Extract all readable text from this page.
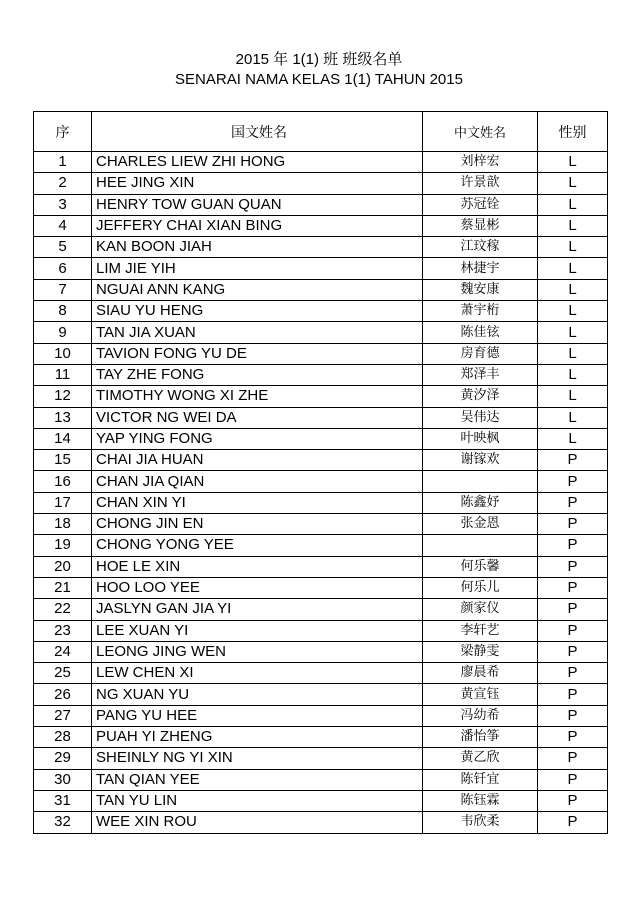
2015 年 1(1) 班 班级名单
SENARAI NAMA KELAS 1(1) TAHUN 2015
序	国文姓名	中文姓名	性别
1	CHARLES LIEW ZHI HONG	刘梓宏	L
2	HEE JING XIN	许景歆	L
3	HENRY TOW GUAN QUAN	苏冠铨	L
4	JEFFERY CHAI XIAN BING	蔡显彬	L
5	KAN BOON JIAH	江玟稼	L
6	LIM JIE YIH	林捷宇	L
7	NGUAI ANN KANG	魏安康	L
8	SIAU YU HENG	萧宇桁	L
9	TAN JIA XUAN	陈佳铉	L
10	TAVION FONG YU DE	房育德	L
11	TAY ZHE FONG	郑泽丰	L
12	TIMOTHY WONG XI ZHE	黄汐泽	L
13	VICTOR NG WEI DA	吴伟达	L
14	YAP YING FONG	叶映枫	L
15	CHAI JIA HUAN	谢镓欢	P
16	CHAN JIA QIAN		P
17	CHAN XIN YI	陈鑫妤	P
18	CHONG JIN EN	张金恩	P
19	CHONG YONG YEE		P
20	HOE LE XIN	何乐馨	P
21	HOO LOO YEE	何乐儿	P
22	JASLYN GAN JIA YI	颜家仪	P
23	LEE XUAN YI	李轩艺	P
24	LEONG JING WEN	梁静雯	P
25	LEW CHEN XI	廖晨希	P
26	NG XUAN YU	黄宣钰	P
27	PANG YU HEE	冯幼希	P
28	PUAH YI ZHENG	潘怡筝	P
29	SHEINLY NG YI XIN	黄乙欣	P
30	TAN QIAN YEE	陈钎宜	P
31	TAN YU LIN	陈钰霖	P
32	WEE XIN ROU	韦欣柔	P
